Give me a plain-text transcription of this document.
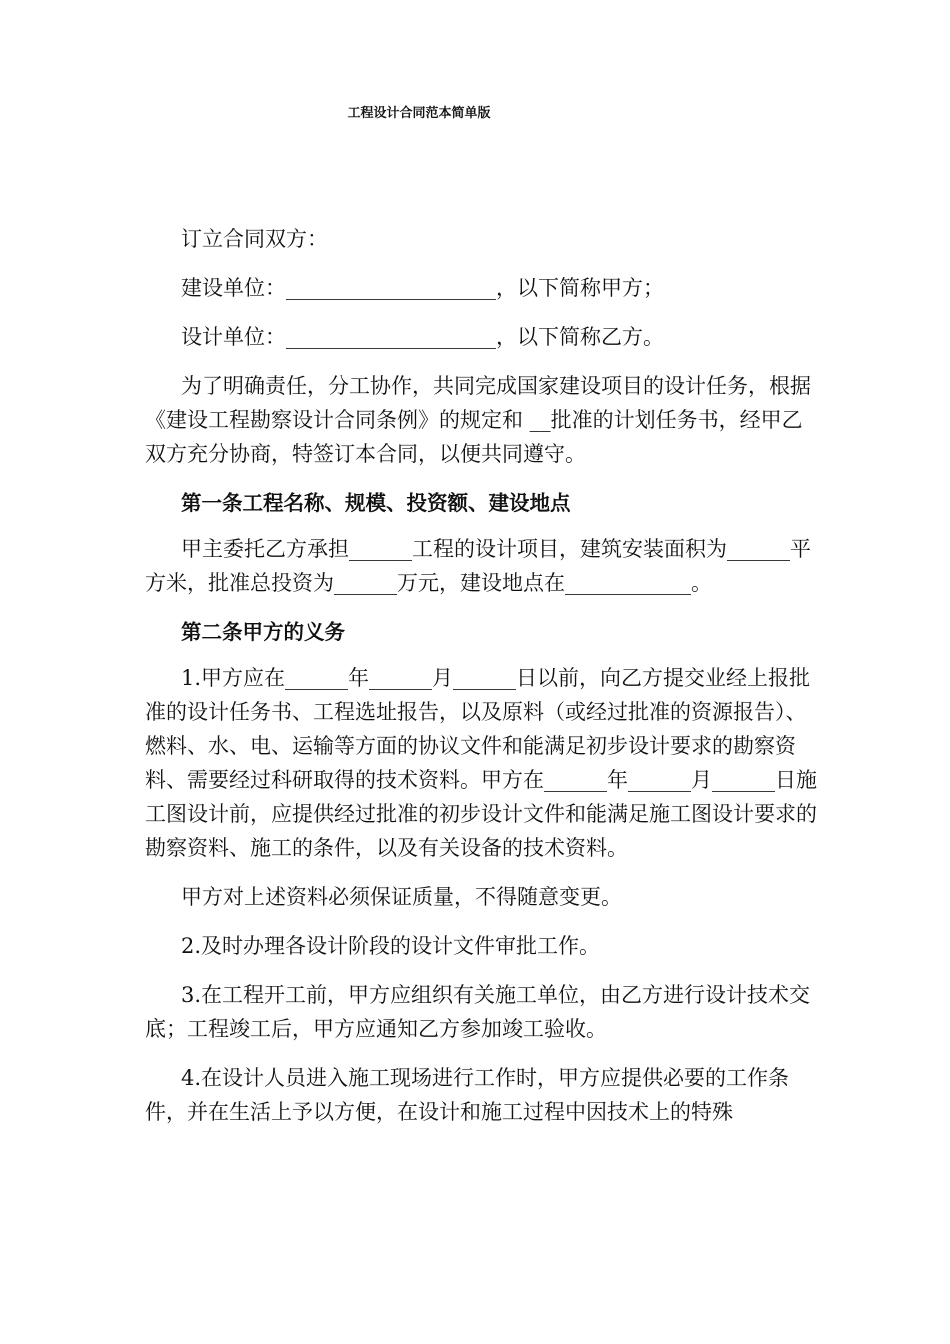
工程设计合同范本简单版

订立合同双方：

建设单位：____________________，以下简称甲方；

设计单位：____________________，以下简称乙方。

为了明确责任，分工协作，共同完成国家建设项目的设计任务，根据《建设工程勘察设计合同条例》的规定和 __批准的计划任务书，经甲乙双方充分协商，特签订本合同，以便共同遵守。

第一条工程名称、规模、投资额、建设地点

甲主委托乙方承担______工程的设计项目，建筑安装面积为______平方米，批准总投资为______万元，建设地点在____________。

第二条甲方的义务

1.甲方应在______年______月______日以前，向乙方提交业经上报批准的设计任务书、工程选址报告，以及原料（或经过批准的资源报告）、燃料、水、电、运输等方面的协议文件和能满足初步设计要求的勘察资料、需要经过科研取得的技术资料。甲方在______年______月______日施工图设计前，应提供经过批准的初步设计文件和能满足施工图设计要求的勘察资料、施工的条件，以及有关设备的技术资料。

甲方对上述资料必须保证质量，不得随意变更。

2.及时办理各设计阶段的设计文件审批工作。

3.在工程开工前，甲方应组织有关施工单位，由乙方进行设计技术交底；工程竣工后，甲方应通知乙方参加竣工验收。

4.在设计人员进入施工现场进行工作时，甲方应提供必要的工作条件，并在生活上予以方便，在设计和施工过程中因技术上的特殊
